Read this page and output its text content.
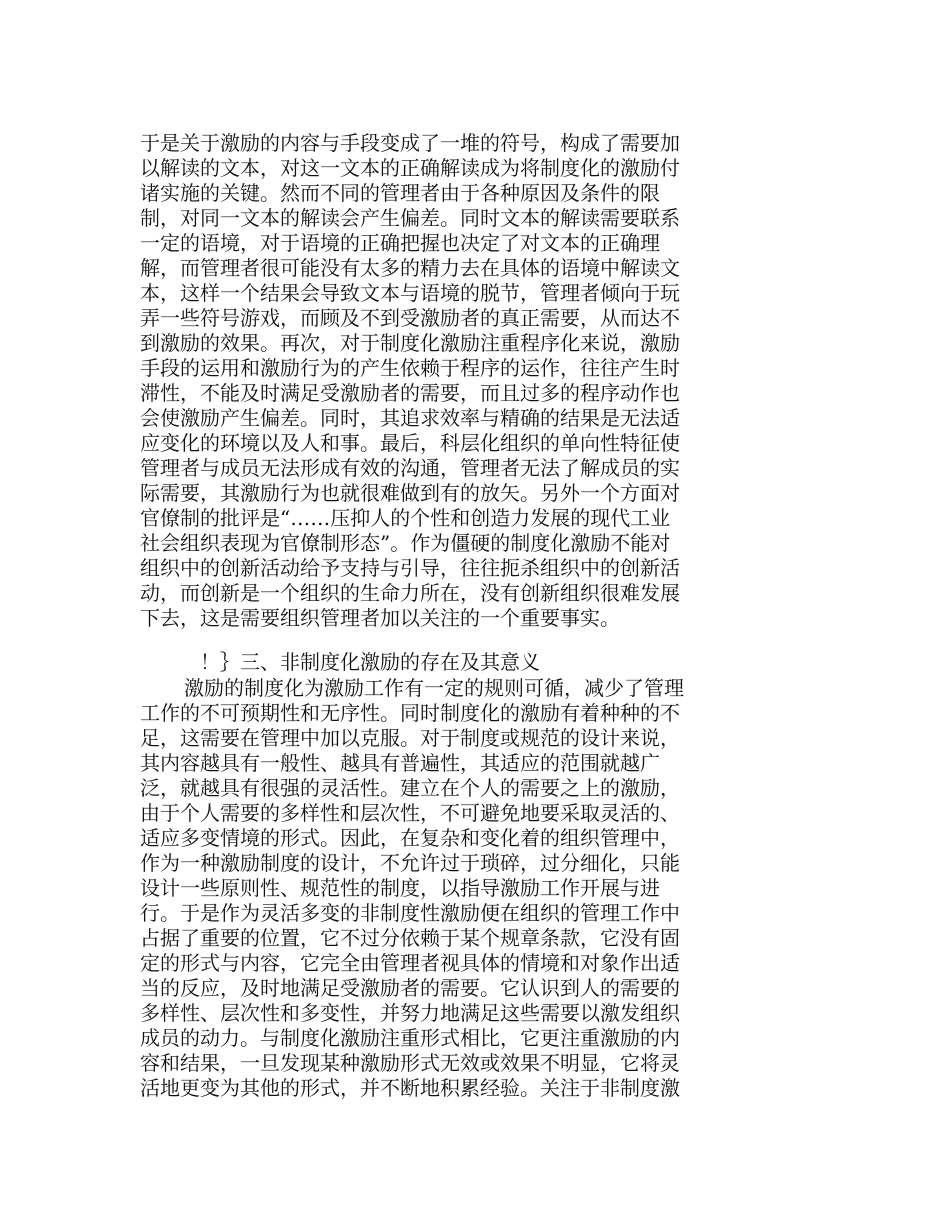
于是关于激励的内容与手段变成了一堆的符号，构成了需要加
以解读的文本，对这一文本的正确解读成为将制度化的激励付
诸实施的关键。然而不同的管理者由于各种原因及条件的限
制，对同一文本的解读会产生偏差。同时文本的解读需要联系
一定的语境，对于语境的正确把握也决定了对文本的正确理
解，而管理者很可能没有太多的精力去在具体的语境中解读文
本，这样一个结果会导致文本与语境的脱节，管理者倾向于玩
弄一些符号游戏，而顾及不到受激励者的真正需要，从而达不
到激励的效果。再次，对于制度化激励注重程序化来说，激励
手段的运用和激励行为的产生依赖于程序的运作，往往产生时
滞性，不能及时满足受激励者的需要，而且过多的程序动作也
会使激励产生偏差。同时，其追求效率与精确的结果是无法适
应变化的环境以及人和事。最后，科层化组织的单向性特征使
管理者与成员无法形成有效的沟通，管理者无法了解成员的实
际需要，其激励行为也就很难做到有的放矢。另外一个方面对
官僚制的批评是“……压抑人的个性和创造力发展的现代工业
社会组织表现为官僚制形态”。作为僵硬的制度化激励不能对
组织中的创新活动给予支持与引导，往往扼杀组织中的创新活
动，而创新是一个组织的生命力所在，没有创新组织很难发展
下去，这是需要组织管理者加以关注的一个重要事实。
！｝三、非制度化激励的存在及其意义
激励的制度化为激励工作有一定的规则可循，减少了管理
工作的不可预期性和无序性。同时制度化的激励有着种种的不
足，这需要在管理中加以克服。对于制度或规范的设计来说，
其内容越具有一般性、越具有普遍性，其适应的范围就越广
泛，就越具有很强的灵活性。建立在个人的需要之上的激励，
由于个人需要的多样性和层次性，不可避免地要采取灵活的、
适应多变情境的形式。因此，在复杂和变化着的组织管理中，
作为一种激励制度的设计，不允许过于琐碎，过分细化，只能
设计一些原则性、规范性的制度，以指导激励工作开展与进
行。于是作为灵活多变的非制度性激励便在组织的管理工作中
占据了重要的位置，它不过分依赖于某个规章条款，它没有固
定的形式与内容，它完全由管理者视具体的情境和对象作出适
当的反应，及时地满足受激励者的需要。它认识到人的需要的
多样性、层次性和多变性，并努力地满足这些需要以激发组织
成员的动力。与制度化激励注重形式相比，它更注重激励的内
容和结果，一旦发现某种激励形式无效或效果不明显，它将灵
活地更变为其他的形式，并不断地积累经验。关注于非制度激
